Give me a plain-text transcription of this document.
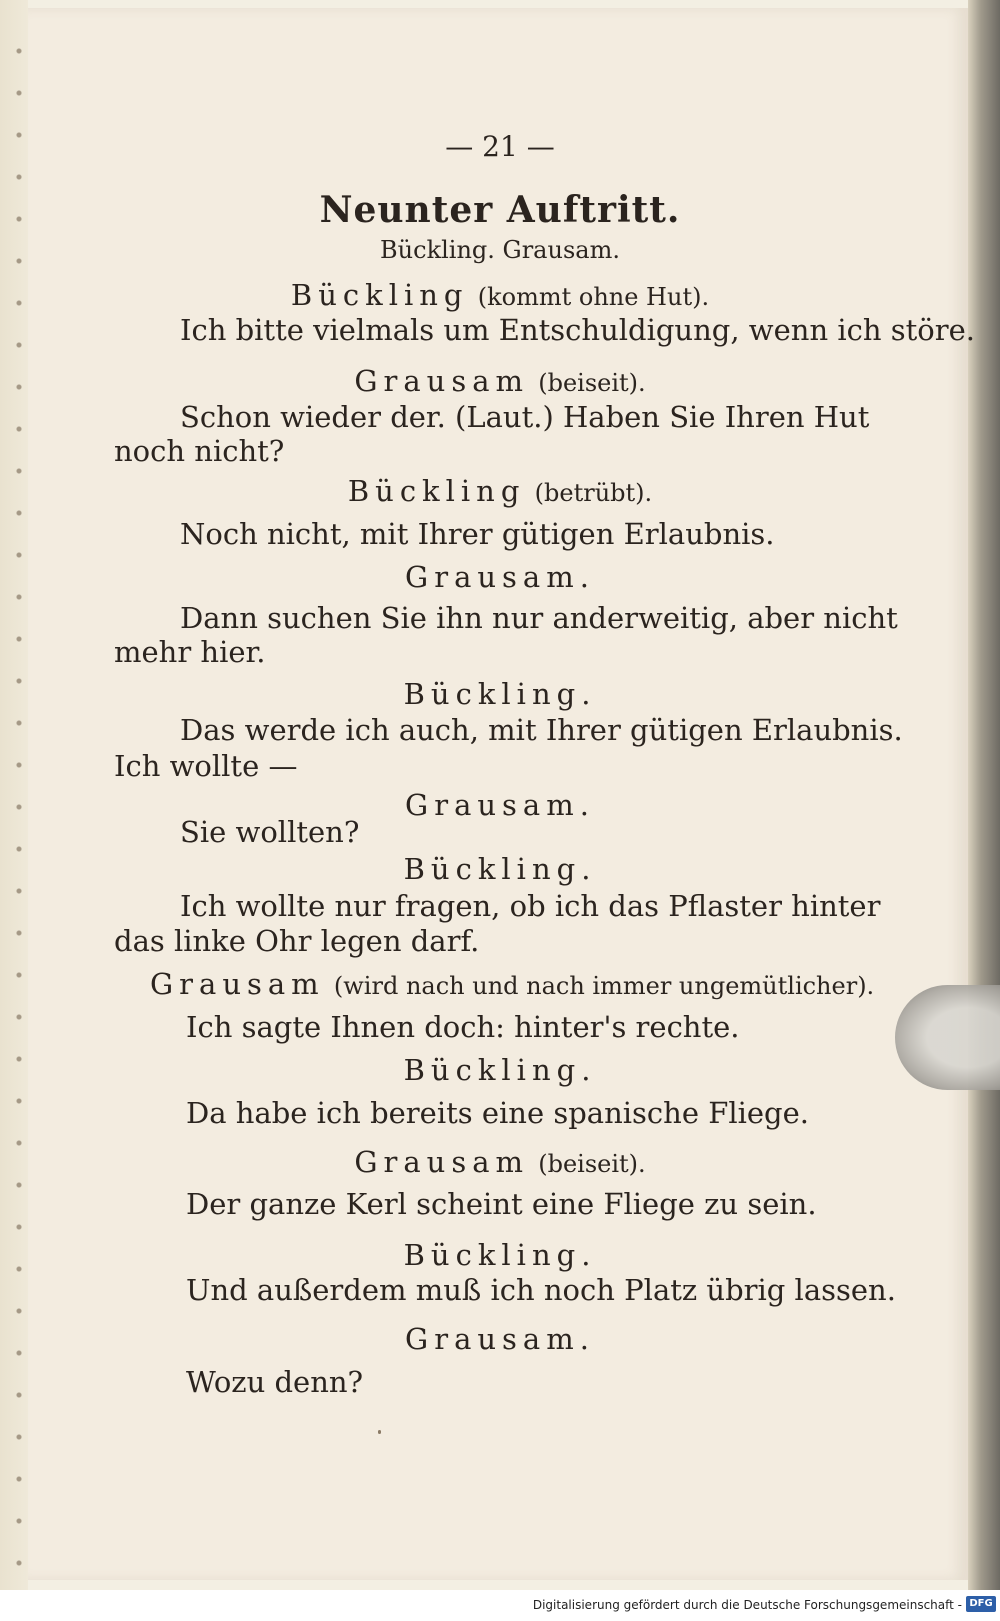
— 21 —

Neunter Auftritt.

Bückling. Grausam.

Bückling (kommt ohne Hut).

Ich bitte vielmals um Entschuldigung, wenn ich störe.

Grausam (beiseit).

Schon wieder der. (Laut.) Haben Sie Ihren Hut

noch nicht?

Bückling (betrübt).

Noch nicht, mit Ihrer gütigen Erlaubnis.

Grausam.

Dann suchen Sie ihn nur anderweitig, aber nicht

mehr hier.

Bückling.

Das werde ich auch, mit Ihrer gütigen Erlaubnis.

Ich wollte —

Grausam.

Sie wollten?

Bückling.

Ich wollte nur fragen, ob ich das Pflaster hinter

das linke Ohr legen darf.

Grausam (wird nach und nach immer ungemütlicher).

Ich sagte Ihnen doch: hinter's rechte.

Bückling.

Da habe ich bereits eine spanische Fliege.

Grausam (beiseit).

Der ganze Kerl scheint eine Fliege zu sein.

Bückling.

Und außerdem muß ich noch Platz übrig lassen.

Grausam.

Wozu denn?

Digitalisierung gefördert durch die Deutsche Forschungsgemeinschaft - DFG
